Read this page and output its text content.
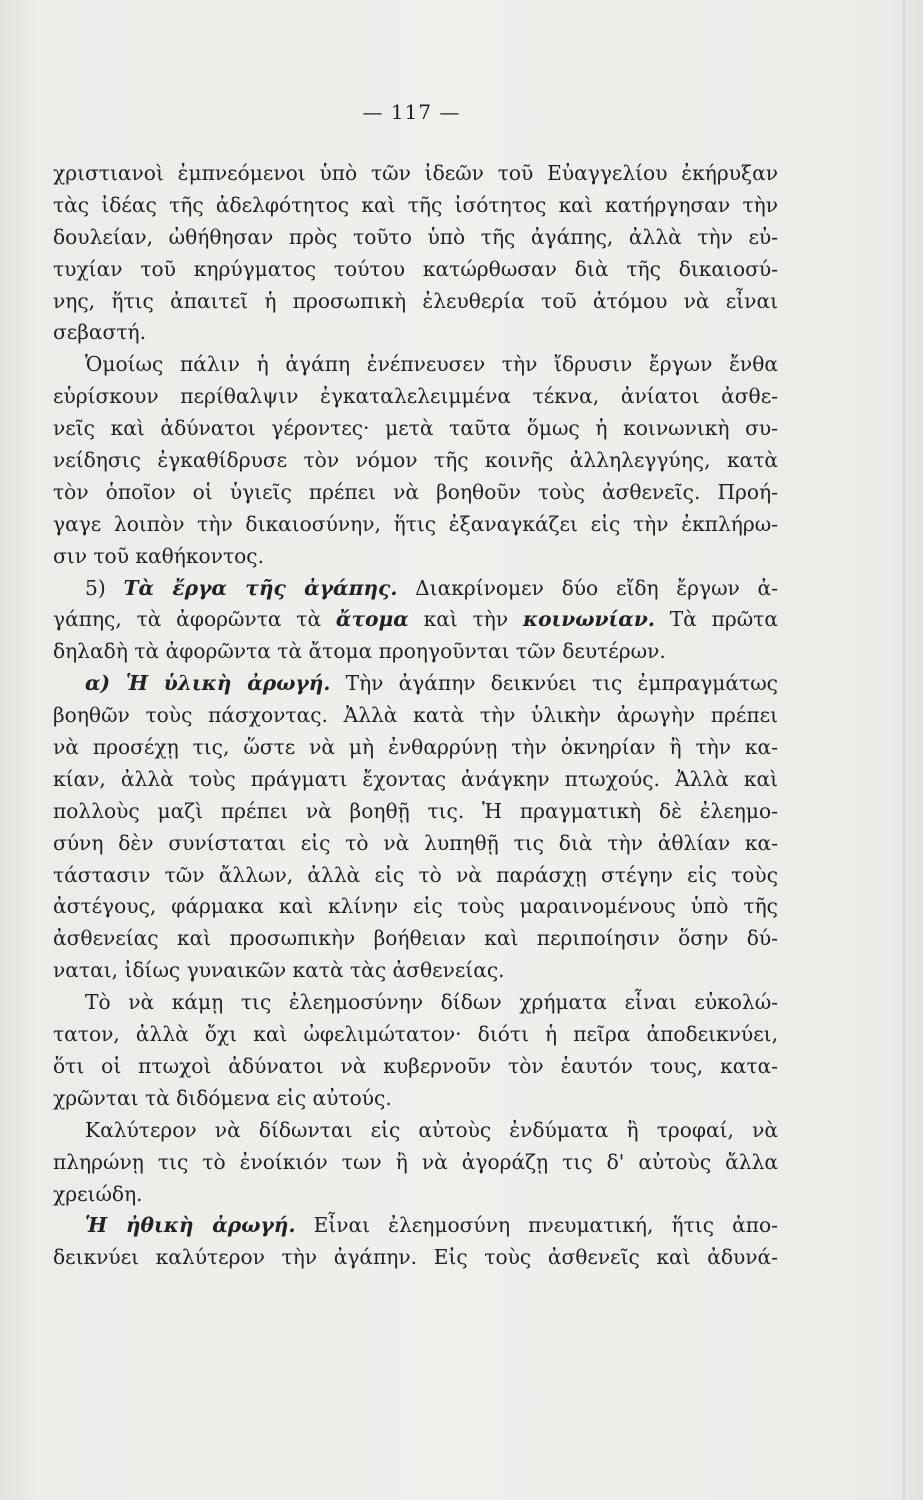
— 117 —
χριστιανοὶ ἐμπνεόμενοι ὑπὸ τῶν ἰδεῶν τοῦ Εὐαγγελίου ἐκήρυξαν
τὰς ἰδέας τῆς ἀδελφότητος καὶ τῆς ἰσότητος καὶ κατήργησαν τὴν
δουλείαν, ὠθήθησαν πρὸς τοῦτο ὑπὸ τῆς ἀγάπης, ἀλλὰ τὴν εὐ-
τυχίαν τοῦ κηρύγματος τούτου κατώρθωσαν διὰ τῆς δικαιοσύ-
νης, ἥτις ἀπαιτεῖ ἡ προσωπικὴ ἐλευθερία τοῦ ἀτόμου νὰ εἶναι
σεβαστή.
Ὁμοίως πάλιν ἡ ἀγάπη ἐνέπνευσεν τὴν ἴδρυσιν ἔργων ἔνθα
εὑρίσκουν περίθαλψιν ἐγκαταλελειμμένα τέκνα, ἀνίατοι ἀσθε-
νεῖς καὶ ἀδύνατοι γέροντες· μετὰ ταῦτα ὅμως ἡ κοινωνικὴ συ-
νείδησις ἐγκαθίδρυσε τὸν νόμον τῆς κοινῆς ἀλληλεγγύης, κατὰ
τὸν ὁποῖον οἱ ὑγιεῖς πρέπει νὰ βοηθοῦν τοὺς ἀσθενεῖς. Προή-
γαγε λοιπὸν τὴν δικαιοσύνην, ἥτις ἐξαναγκάζει εἰς τὴν ἐκπλήρω-
σιν τοῦ καθήκοντος.
5) Τὰ ἔργα τῆς ἀγάπης. Διακρίνομεν δύο εἴδη ἔργων ἀ-
γάπης, τὰ ἀφορῶντα τὰ ἄτομα καὶ τὴν κοινωνίαν. Τὰ πρῶτα
δηλαδὴ τὰ ἀφορῶντα τὰ ἄτομα προηγοῦνται τῶν δευτέρων.
α) Ἡ ὑλικὴ ἀρωγή. Τὴν ἀγάπην δεικνύει τις ἐμπραγμάτως
βοηθῶν τοὺς πάσχοντας. Ἀλλὰ κατὰ τὴν ὑλικὴν ἀρωγὴν πρέπει
νὰ προσέχῃ τις, ὥστε νὰ μὴ ἐνθαρρύνῃ τὴν ὀκνηρίαν ἢ τὴν κα-
κίαν, ἀλλὰ τοὺς πράγματι ἔχοντας ἀνάγκην πτωχούς. Ἀλλὰ καὶ
πολλοὺς μαζὶ πρέπει νὰ βοηθῇ τις. Ἡ πραγματικὴ δὲ ἐλεημο-
σύνη δὲν συνίσταται εἰς τὸ νὰ λυπηθῇ τις διὰ τὴν ἀθλίαν κα-
τάστασιν τῶν ἄλλων, ἀλλὰ εἰς τὸ νὰ παράσχῃ στέγην εἰς τοὺς
ἀστέγους, φάρμακα καὶ κλίνην εἰς τοὺς μαραινομένους ὑπὸ τῆς
ἀσθενείας καὶ προσωπικὴν βοήθειαν καὶ περιποίησιν ὅσην δύ-
ναται, ἰδίως γυναικῶν κατὰ τὰς ἀσθενείας.
Τὸ νὰ κάμῃ τις ἐλεημοσύνην δίδων χρήματα εἶναι εὐκολώ-
τατον, ἀλλὰ ὄχι καὶ ὠφελιμώτατον· διότι ἡ πεῖρα ἀποδεικνύει,
ὅτι οἱ πτωχοὶ ἀδύνατοι νὰ κυβερνοῦν τὸν ἑαυτόν τους, κατα-
χρῶνται τὰ διδόμενα εἰς αὐτούς.
Καλύτερον νὰ δίδωνται εἰς αὐτοὺς ἐνδύματα ἢ τροφαί, νὰ
πληρώνῃ τις τὸ ἐνοίκιόν των ἢ νὰ ἀγοράζῃ τις δ' αὐτοὺς ἄλλα
χρειώδη.
Ἡ ἠθικὴ ἀρωγή. Εἶναι ἐλεημοσύνη πνευματική, ἥτις ἀπο-
δεικνύει καλύτερον τὴν ἀγάπην. Εἰς τοὺς ἀσθενεῖς καὶ ἀδυνά-
